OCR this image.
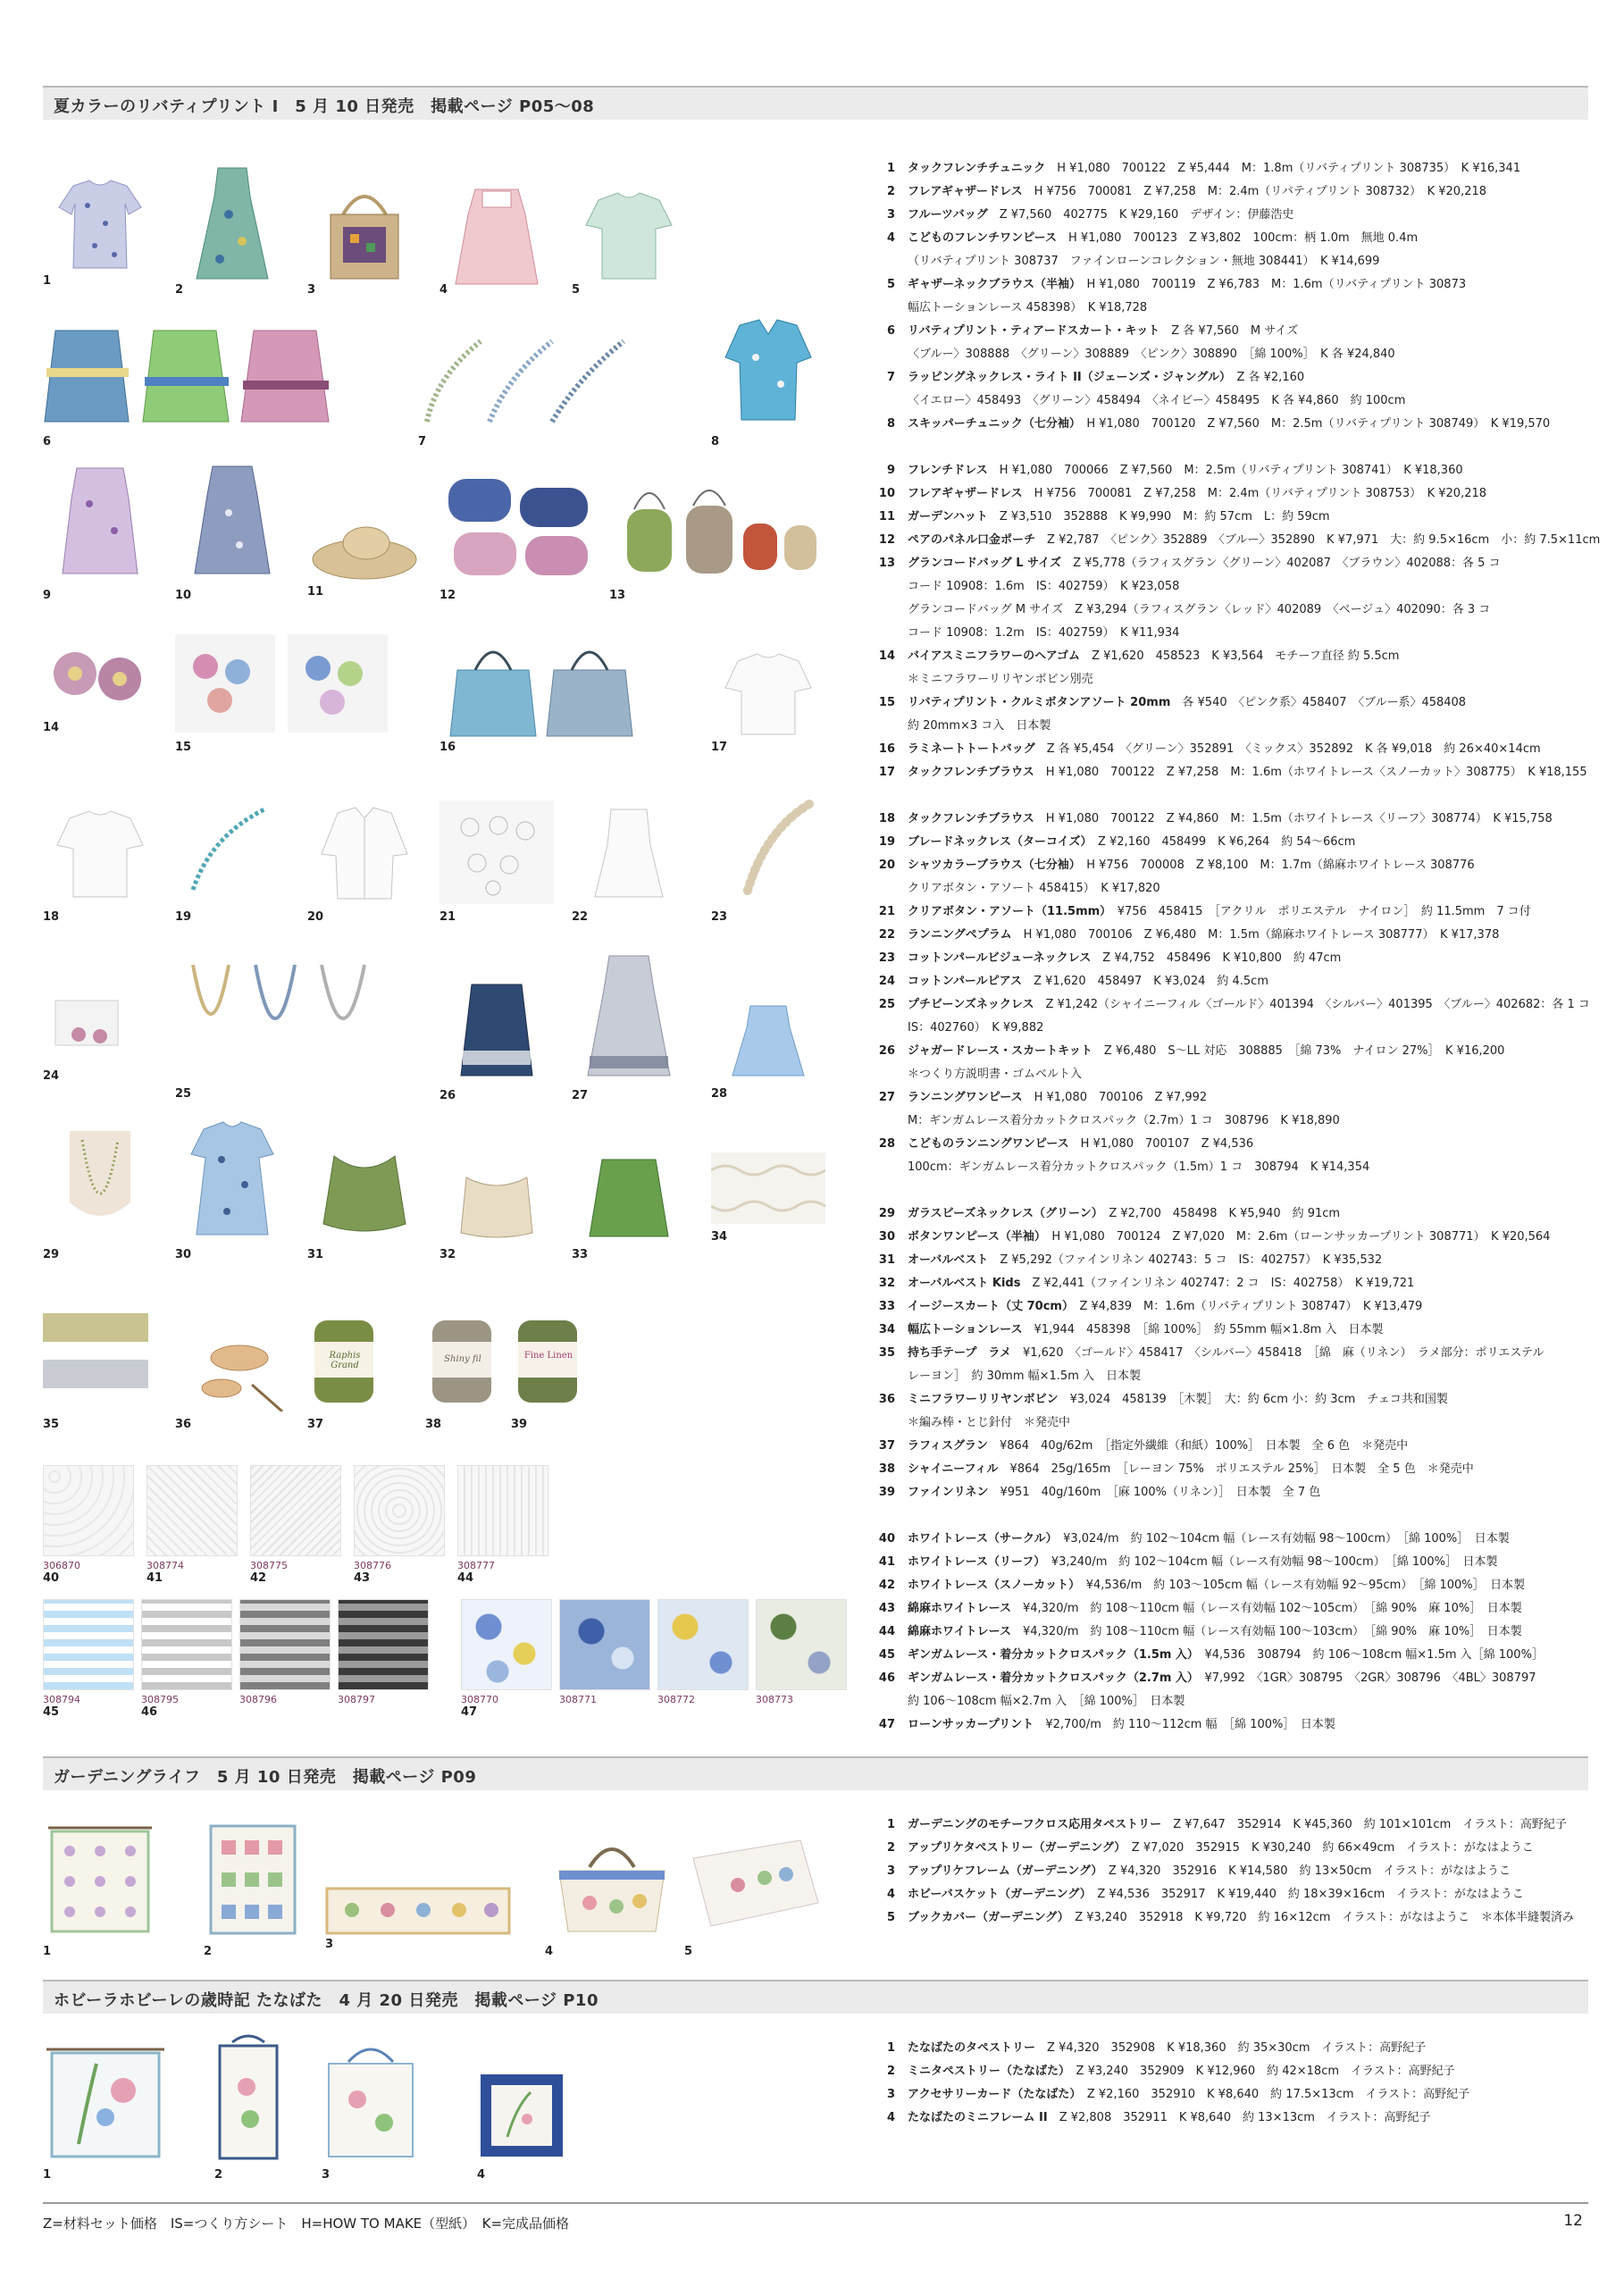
夏カラーのリバティプリント I　5 月 10 日発売　掲載ページ P05〜08
1
2	3	4	5
6	7	8
9	10	11	12	13
14
15	16	17
18	19	20	21	22	23
24
25	26	27	28
29	30	31	32	33
34
35	36
Raphis Grand
37
Shiny fil
38
Fine Linen
39
306870
40
308774
41
308775
42
308776
43
308777
44
308794
45
308795
46
308796	308797	308770
47
308771	308772	308773
1 タックフレンチチュニック　 H ¥1,080　700122　Z ¥5,444　M：1.8m（リバティプリント 308735）　K ¥16,341
2 フレアギャザードレス　 H ¥756　700081　Z ¥7,258　M：2.4m（リバティプリント 308732）　K ¥20,218
3 フルーツバッグ　 Z ¥7,560　402775　K ¥29,160　デザイン：伊藤浩史
4 こどものフレンチワンピース　 H ¥1,080　700123　Z ¥3,802　100cm：柄 1.0m　無地 0.4m
（リバティプリント 308737　ファインローンコレクション・無地 308441）　K ¥14,699
5 ギャザーネックブラウス（半袖）　 H ¥1,080　700119　Z ¥6,783　M：1.6m（リバティプリント 30873
幅広トーションレース 458398）　K ¥18,728
6 リバティプリント・ティアードスカート・キット　 Z 各 ¥7,560　M サイズ
〈ブルー〉308888　〈グリーン〉308889　〈ピンク〉308890　［綿 100%］　K 各 ¥24,840
7 ラッピングネックレス・ライト II（ジェーンズ・ジャングル）　 Z 各 ¥2,160
〈イエロー〉458493　〈グリーン〉458494　〈ネイビー〉458495　K 各 ¥4,860　約 100cm
8 スキッパーチュニック（七分袖）　 H ¥1,080　700120　Z ¥7,560　M：2.5m（リバティプリント 308749）　K ¥19,570
9 フレンチドレス　 H ¥1,080　700066　Z ¥7,560　M：2.5m（リバティプリント 308741）　K ¥18,360
10 フレアギャザードレス　 H ¥756　700081　Z ¥7,258　M：2.4m（リバティプリント 308753）　K ¥20,218
11 ガーデンハット　 Z ¥3,510　352888　K ¥9,990　M：約 57cm　L：約 59cm
12 ペアのパネル口金ポーチ　 Z ¥2,787　〈ピンク〉352889　〈ブルー〉352890　K ¥7,971　大：約 9.5×16cm　小：約 7.5×11cm
13 グランコードバッグ L サイズ　 Z ¥5,778（ラフィスグラン〈グリーン〉402087　〈ブラウン〉402088：各 5 コ
コード 10908：1.6m　IS：402759）　K ¥23,058
グランコードバッグ M サイズ　Z ¥3,294（ラフィスグラン〈レッド〉402089　〈ベージュ〉402090：各 3 コ
コード 10908：1.2m　IS：402759）　K ¥11,934
14 バイアスミニフラワーのヘアゴム　 Z ¥1,620　458523　K ¥3,564　モチーフ直径 約 5.5cm
＊ミニフラワーリリヤンボビン別売
15 リバティプリント・クルミボタンアソート 20mm　 各 ¥540　〈ピンク系〉458407　〈ブルー系〉458408
約 20mm×3 コ入　日本製
16 ラミネートトートバッグ　 Z 各 ¥5,454　〈グリーン〉352891　〈ミックス〉352892　K 各 ¥9,018　約 26×40×14cm
17 タックフレンチブラウス　 H ¥1,080　700122　Z ¥7,258　M：1.6m（ホワイトレース〈スノーカット〉308775）　K ¥18,155
18 タックフレンチブラウス　 H ¥1,080　700122　Z ¥4,860　M：1.5m（ホワイトレース〈リーフ〉308774）　K ¥15,758
19 ブレードネックレス（ターコイズ）　 Z ¥2,160　458499　K ¥6,264　約 54〜66cm
20 シャツカラーブラウス（七分袖）　 H ¥756　700008　Z ¥8,100　M：1.7m（綿麻ホワイトレース 308776
クリアボタン・アソート 458415）　K ¥17,820
21 クリアボタン・アソート（11.5mm）　 ¥756　458415　［アクリル　ポリエステル　ナイロン］　約 11.5mm　7 コ付
22 ランニングペプラム　 H ¥1,080　700106　Z ¥6,480　M：1.5m（綿麻ホワイトレース 308777）　K ¥17,378
23 コットンパールビジューネックレス　 Z ¥4,752　458496　K ¥10,800　約 47cm
24 コットンパールピアス　 Z ¥1,620　458497　K ¥3,024　約 4.5cm
25 プチビーンズネックレス　 Z ¥1,242（シャイニーフィル〈ゴールド〉401394　〈シルバー〉401395　〈ブルー〉402682：各 1 コ
IS：402760）　K ¥9,882
26 ジャガードレース・スカートキット　 Z ¥6,480　S〜LL 対応　308885　［綿 73%　ナイロン 27%］　K ¥16,200
＊つくり方説明書・ゴムベルト入
27 ランニングワンピース　 H ¥1,080　700106　Z ¥7,992
M：ギンガムレース着分カットクロスパック（2.7m）1 コ　308796　K ¥18,890
28 こどものランニングワンピース　 H ¥1,080　700107　Z ¥4,536
100cm：ギンガムレース着分カットクロスパック（1.5m）1 コ　308794　K ¥14,354
29 ガラスビーズネックレス（グリーン）　 Z ¥2,700　458498　K ¥5,940　約 91cm
30 ボタンワンピース（半袖）　 H ¥1,080　700124　Z ¥7,020　M：2.6m（ローンサッカープリント 308771）　K ¥20,564
31 オーバルベスト　 Z ¥5,292（ファインリネン 402743：5 コ　IS：402757）　K ¥35,532
32 オーバルベスト Kids　 Z ¥2,441（ファインリネン 402747：2 コ　IS：402758）　K ¥19,721
33 イージースカート（丈 70cm）　 Z ¥4,839　M：1.6m（リバティプリント 308747）　K ¥13,479
34 幅広トーションレース　 ¥1,944　458398　［綿 100%］　約 55mm 幅×1.8m 入　日本製
35 持ち手テープ　ラメ　 ¥1,620　〈ゴールド〉458417　〈シルバー〉458418　［綿　麻（リネン）　ラメ部分：ポリエステル
レーヨン］　約 30mm 幅×1.5m 入　日本製
36 ミニフラワーリリヤンボビン　 ¥3,024　458139　［木製］　大：約 6cm 小：約 3cm　チェコ共和国製
＊編み棒・とじ針付　＊発売中
37 ラフィスグラン　 ¥864　40g/62m　［指定外繊維（和紙）100%］　日本製　全 6 色　＊発売中
38 シャイニーフィル　 ¥864　25g/165m　［レーヨン 75%　ポリエステル 25%］　日本製　全 5 色　＊発売中
39 ファインリネン　 ¥951　40g/160m　［麻 100%（リネン）］　日本製　全 7 色
40 ホワイトレース（サークル）　 ¥3,024/m　約 102〜104cm 幅（レース有効幅 98〜100cm）　［綿 100%］　日本製
41 ホワイトレース（リーフ）　 ¥3,240/m　約 102〜104cm 幅（レース有効幅 98〜100cm）　［綿 100%］　日本製
42 ホワイトレース（スノーカット）　 ¥4,536/m　約 103〜105cm 幅（レース有効幅 92〜95cm）　［綿 100%］　日本製
43 綿麻ホワイトレース　 ¥4,320/m　約 108〜110cm 幅（レース有効幅 102〜105cm）　［綿 90%　麻 10%］　日本製
44 綿麻ホワイトレース　 ¥4,320/m　約 108〜110cm 幅（レース有効幅 100〜103cm）　［綿 90%　麻 10%］　日本製
45 ギンガムレース・着分カットクロスパック（1.5m 入）　 ¥4,536　308794　約 106〜108cm 幅×1.5m 入［綿 100%］
46 ギンガムレース・着分カットクロスパック（2.7m 入）　 ¥7,992　〈1GR〉308795　〈2GR〉308796　〈4BL〉308797
約 106〜108cm 幅×2.7m 入　［綿 100%］　日本製
47 ローンサッカープリント　 ¥2,700/m　約 110〜112cm 幅　［綿 100%］　日本製
ガーデニングライフ　5 月 10 日発売　掲載ページ P09
1	2
3
4	5
1 ガーデニングのモチーフクロス応用タペストリー　 Z ¥7,647　352914　K ¥45,360　約 101×101cm　イラスト：高野紀子
2 アップリケタペストリー（ガーデニング）　 Z ¥7,020　352915　K ¥30,240　約 66×49cm　イラスト：がなはようこ
3 アップリケフレーム（ガーデニング）　 Z ¥4,320　352916　K ¥14,580　約 13×50cm　イラスト：がなはようこ
4 ホビーバスケット（ガーデニング）　 Z ¥4,536　352917　K ¥19,440　約 18×39×16cm　イラスト：がなはようこ
5 ブックカバー（ガーデニング）　 Z ¥3,240　352918　K ¥9,720　約 16×12cm　イラスト：がなはようこ　＊本体半縫製済み
ホビーラホビーレの歳時記 たなばた　4 月 20 日発売　掲載ページ P10
1	2	3	4
1 たなばたのタペストリー　 Z ¥4,320　352908　K ¥18,360　約 35×30cm　イラスト：高野紀子
2 ミニタペストリー（たなばた）　 Z ¥3,240　352909　K ¥12,960　約 42×18cm　イラスト：高野紀子
3 アクセサリーカード（たなばた）　 Z ¥2,160　352910　K ¥8,640　約 17.5×13cm　イラスト：高野紀子
4 たなばたのミニフレーム II　 Z ¥2,808　352911　K ¥8,640　約 13×13cm　イラスト：高野紀子
Z=材料セット価格　IS=つくり方シート　H=HOW TO MAKE（型紙）　K=完成品価格	12
